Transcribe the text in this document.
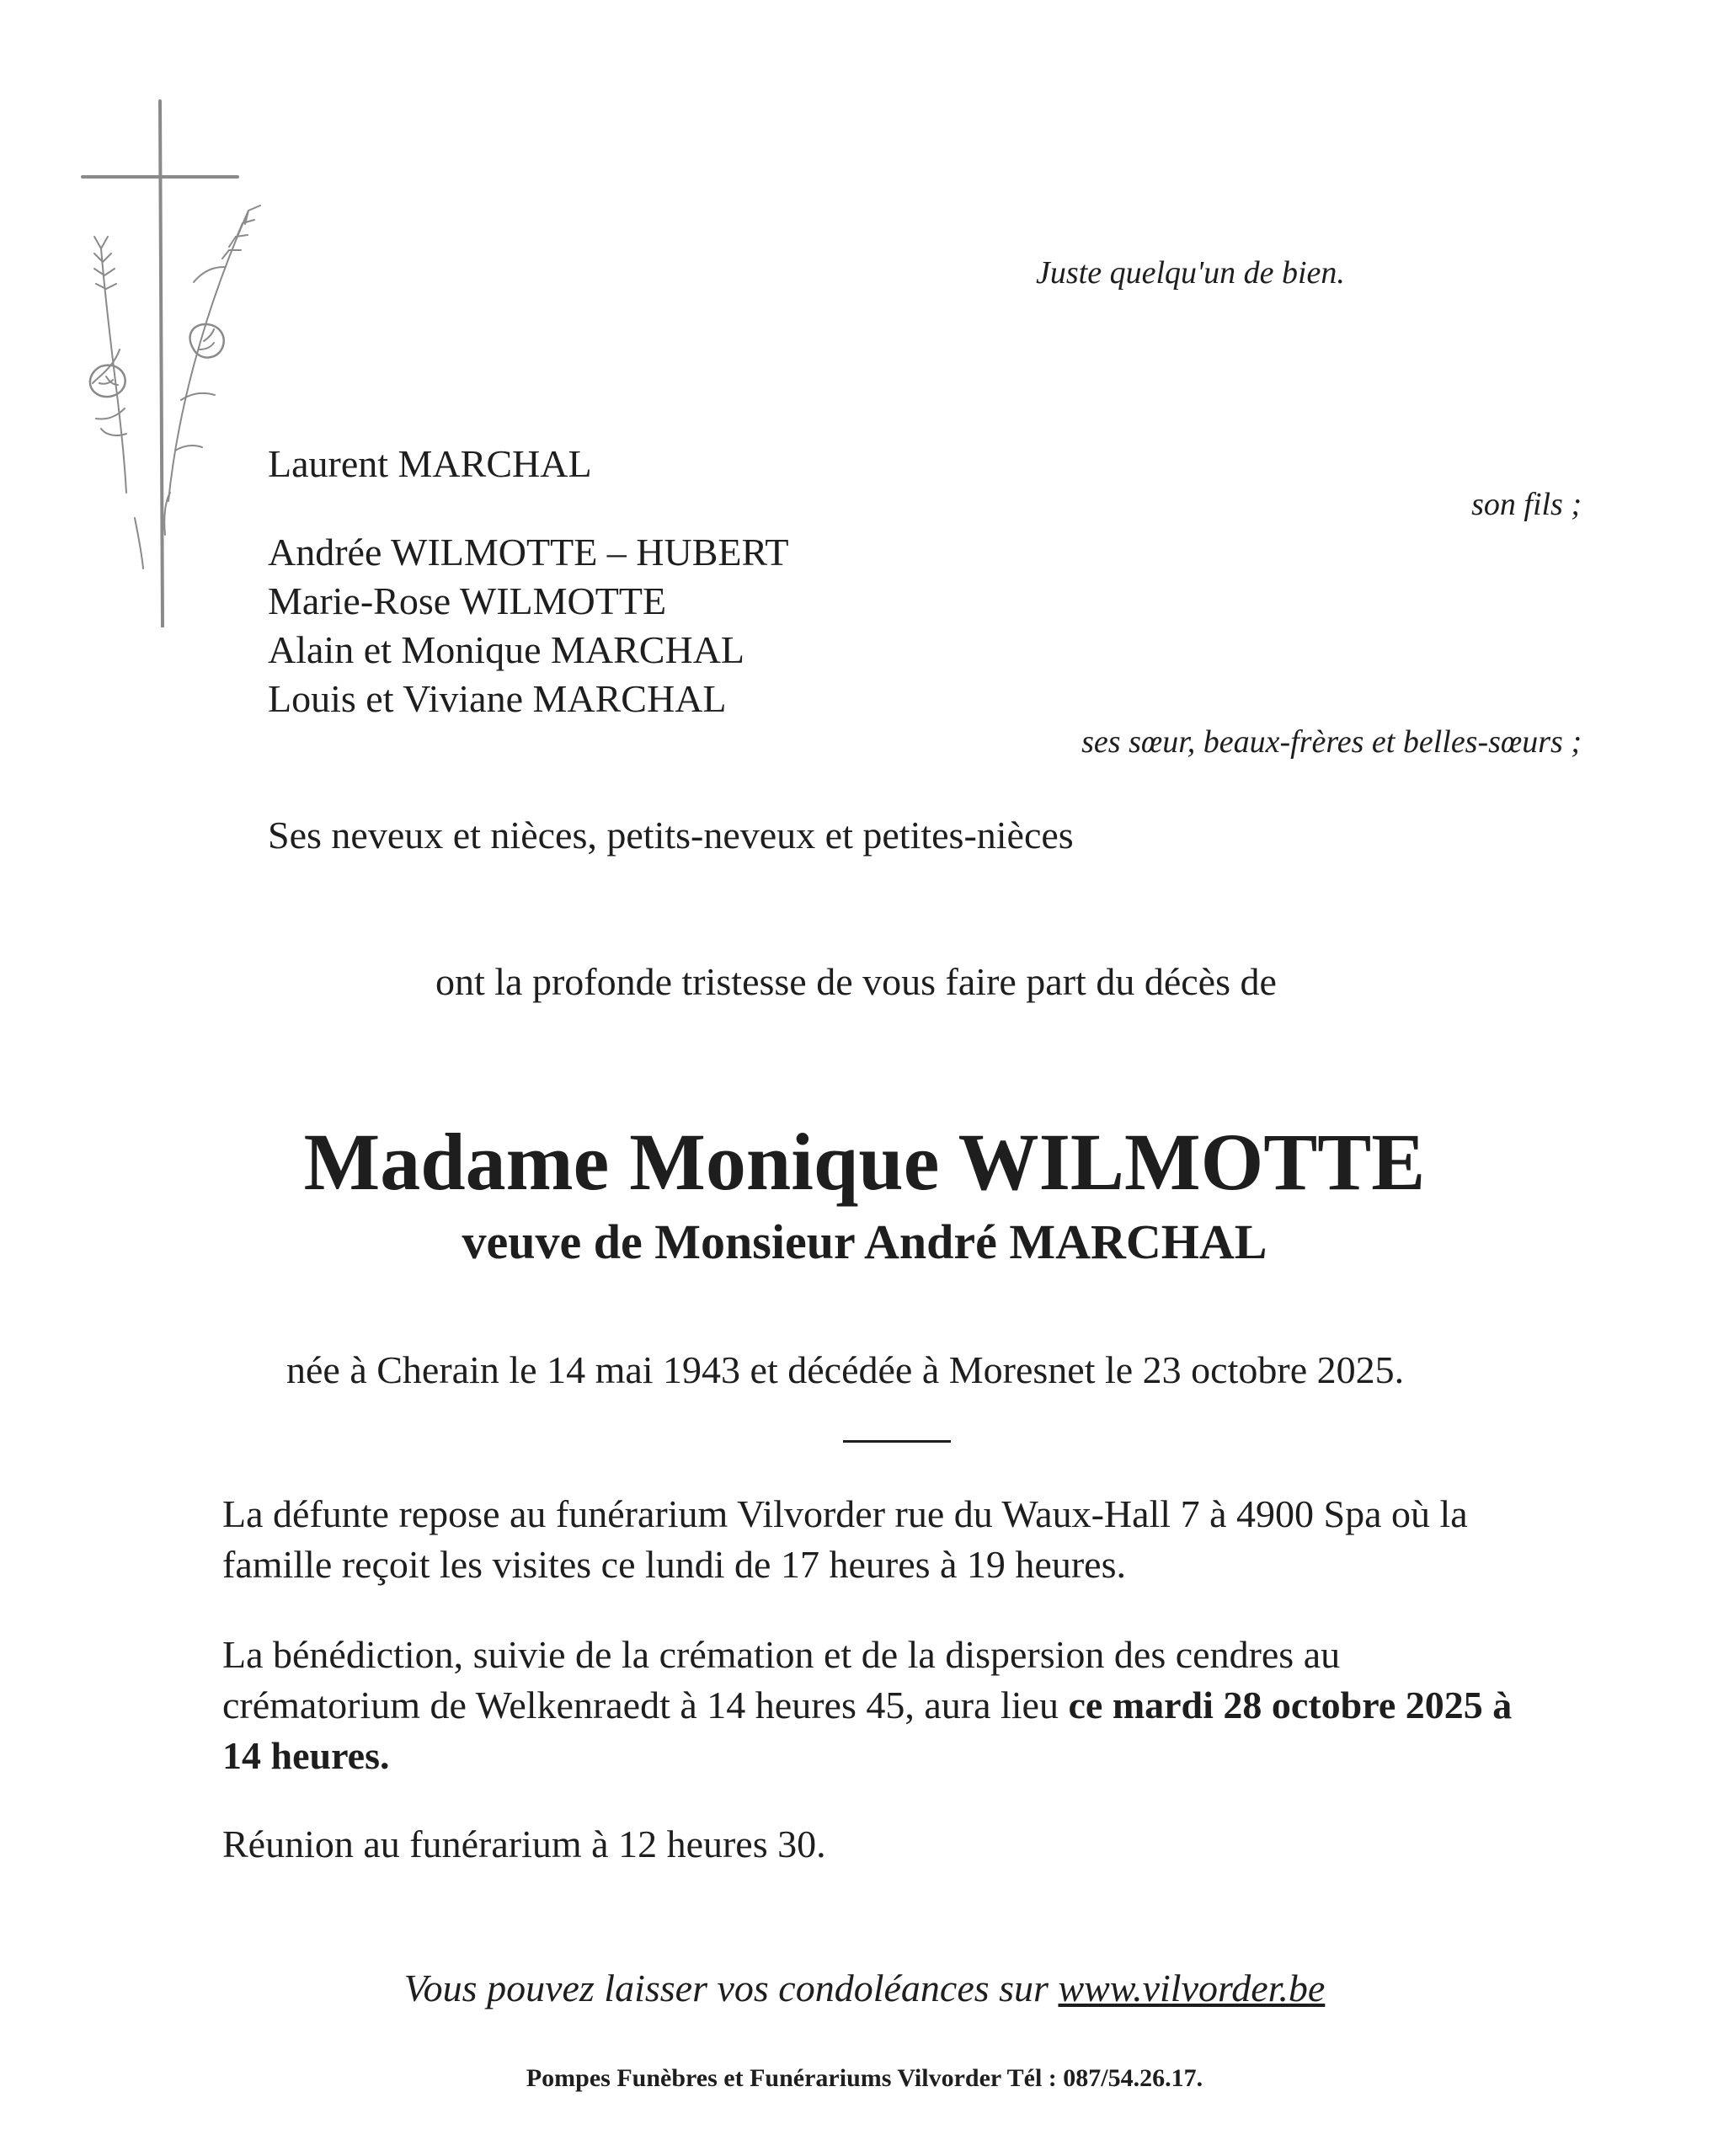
Juste quelqu'un de bien.

Laurent MARCHAL

son fils ;

Andrée WILMOTTE – HUBERT
Marie-Rose WILMOTTE
Alain et Monique MARCHAL
Louis et Viviane MARCHAL

ses sœur, beaux-frères et belles-sœurs ;

Ses neveux et nièces, petits-neveux et petites-nièces

ont la profonde tristesse de vous faire part du décès de

Madame Monique WILMOTTE

veuve de Monsieur André MARCHAL

née à Cherain le 14 mai 1943 et décédée à Moresnet le 23 octobre 2025.

La défunte repose au funérarium Vilvorder rue du Waux-Hall 7 à 4900 Spa où la famille reçoit les visites ce lundi de 17 heures à 19 heures.

La bénédiction, suivie de la crémation et de la dispersion des cendres au crématorium de Welkenraedt à 14 heures 45, aura lieu ce mardi 28 octobre 2025 à 14 heures.

Réunion au funérarium à 12 heures 30.

Vous pouvez laisser vos condoléances sur www.vilvorder.be

Pompes Funèbres et Funérariums Vilvorder Tél : 087/54.26.17.
